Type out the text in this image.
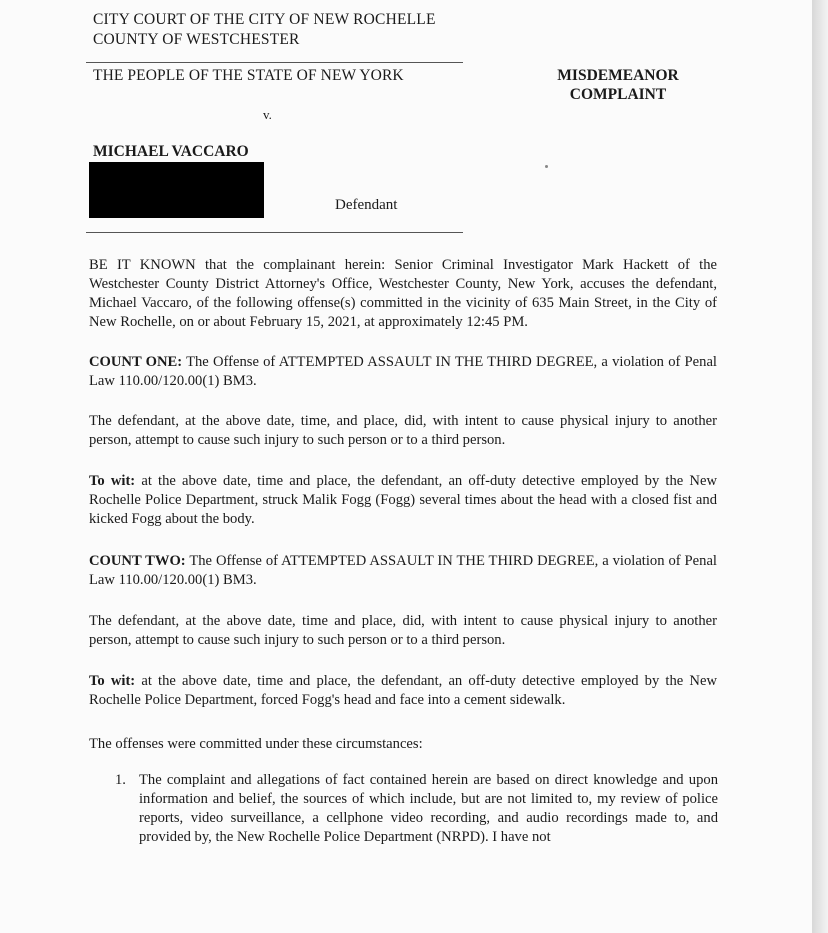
CITY COURT OF THE CITY OF NEW ROCHELLE
COUNTY OF WESTCHESTER
THE PEOPLE OF THE STATE OF NEW YORK	MISDEMEANOR
COMPLAINT
v.
MICHAEL VACCARO
Defendant
BE IT KNOWN that the complainant herein: Senior Criminal Investigator Mark Hackett of the Westchester County District Attorney's Office, Westchester County, New York, accuses the defendant, Michael Vaccaro, of the following offense(s) committed in the vicinity of 635 Main Street, in the City of New Rochelle, on or about February 15, 2021, at approximately 12:45 PM.
COUNT ONE: The Offense of ATTEMPTED ASSAULT IN THE THIRD DEGREE, a violation of Penal Law 110.00/120.00(1) BM3.
The defendant, at the above date, time, and place, did, with intent to cause physical injury to another person, attempt to cause such injury to such person or to a third person.
To wit: at the above date, time and place, the defendant, an off-duty detective employed by the New Rochelle Police Department, struck Malik Fogg (Fogg) several times about the head with a closed fist and kicked Fogg about the body.
COUNT TWO: The Offense of ATTEMPTED ASSAULT IN THE THIRD DEGREE, a violation of Penal Law 110.00/120.00(1) BM3.
The defendant, at the above date, time and place, did, with intent to cause physical injury to another person, attempt to cause such injury to such person or to a third person.
To wit: at the above date, time and place, the defendant, an off-duty detective employed by the New Rochelle Police Department, forced Fogg's head and face into a cement sidewalk.
The offenses were committed under these circumstances:
1. The complaint and allegations of fact contained herein are based on direct knowledge and upon information and belief, the sources of which include, but are not limited to, my review of police reports, video surveillance, a cellphone video recording, and audio recordings made to, and provided by, the New Rochelle Police Department (NRPD). I have not
